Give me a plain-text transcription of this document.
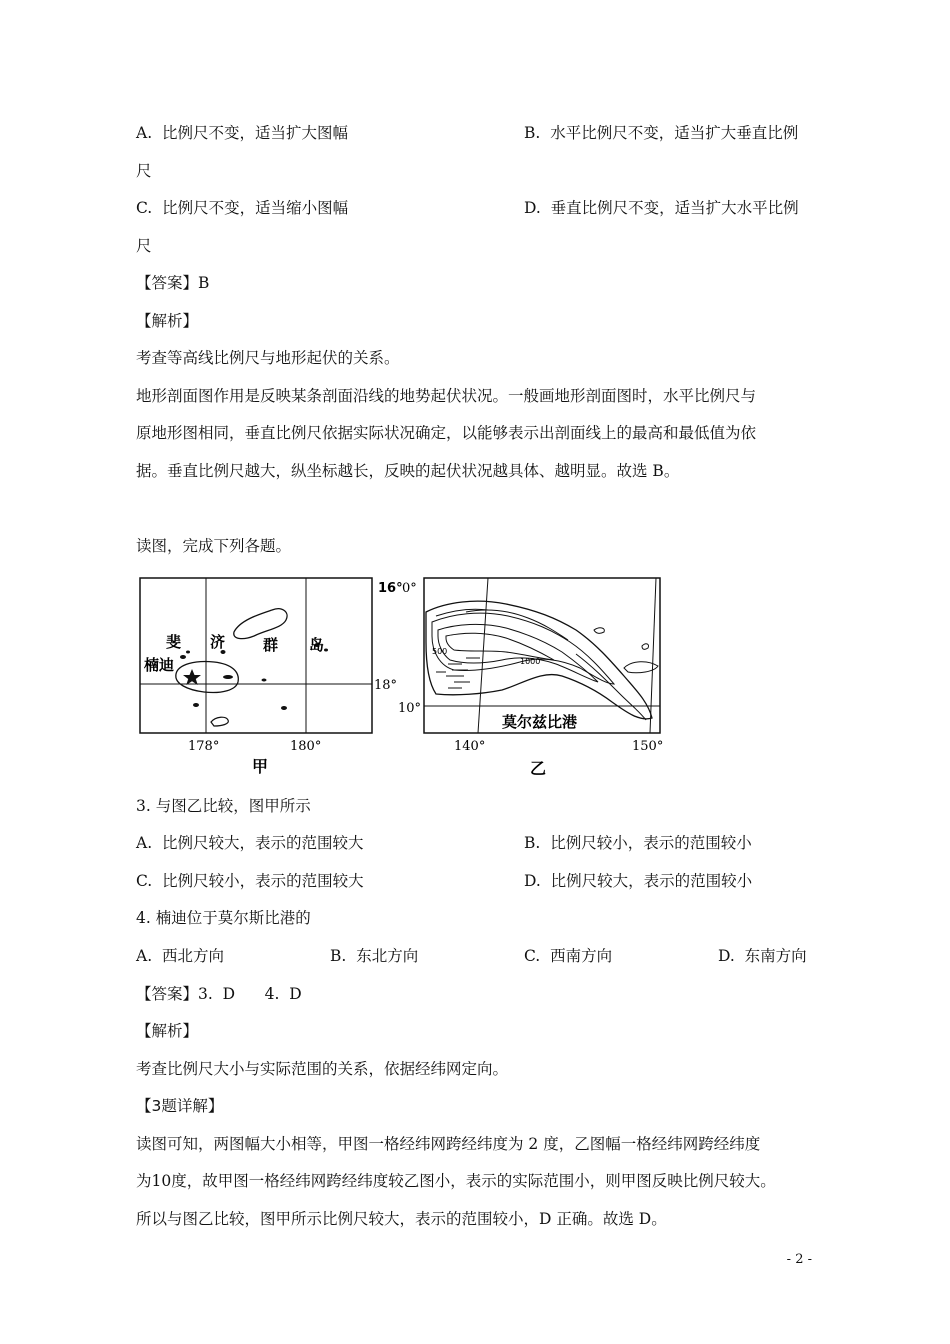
A. 比例尺不变，适当扩大图幅	B. 水平比例尺不变，适当扩大垂直比例
尺
C. 比例尺不变，适当缩小图幅	D. 垂直比例尺不变，适当扩大水平比例
尺
【答案】B
【解析】
考查等高线比例尺与地形起伏的关系。
地形剖面图作用是反映某条剖面沿线的地势起伏状况。一般画地形剖面图时，水平比例尺与
原地形图相同，垂直比例尺依据实际状况确定，以能够表示出剖面线上的最高和最低值为依
据。垂直比例尺越大，纵坐标越长，反映的起伏状况越具体、越明显。故选 B。
读图，完成下列各题。
16°
18°
178°	180°
斐 济	群 岛
楠迪
甲
0°
10°
140°	150°
500
1000
莫尔兹比港
乙
3. 与图乙比较，图甲所示
A. 比例尺较大，表示的范围较大	B. 比例尺较小，表示的范围较小
C. 比例尺较小，表示的范围较大	D. 比例尺较大，表示的范围较小
4. 楠迪位于莫尔斯比港的
A. 西北方向	B. 东北方向	C. 西南方向	D. 东南方向
【答案】3.  D      4.  D
【解析】
考查比例尺大小与实际范围的关系，依据经纬网定向。
【3题详解】
读图可知，两图幅大小相等，甲图一格经纬网跨经纬度为 2 度，乙图幅一格经纬网跨经纬度
为10度，故甲图一格经纬网跨经纬度较乙图小，表示的实际范围小，则甲图反映比例尺较大。
所以与图乙比较，图甲所示比例尺较大，表示的范围较小，D 正确。故选 D。
- 2 -
